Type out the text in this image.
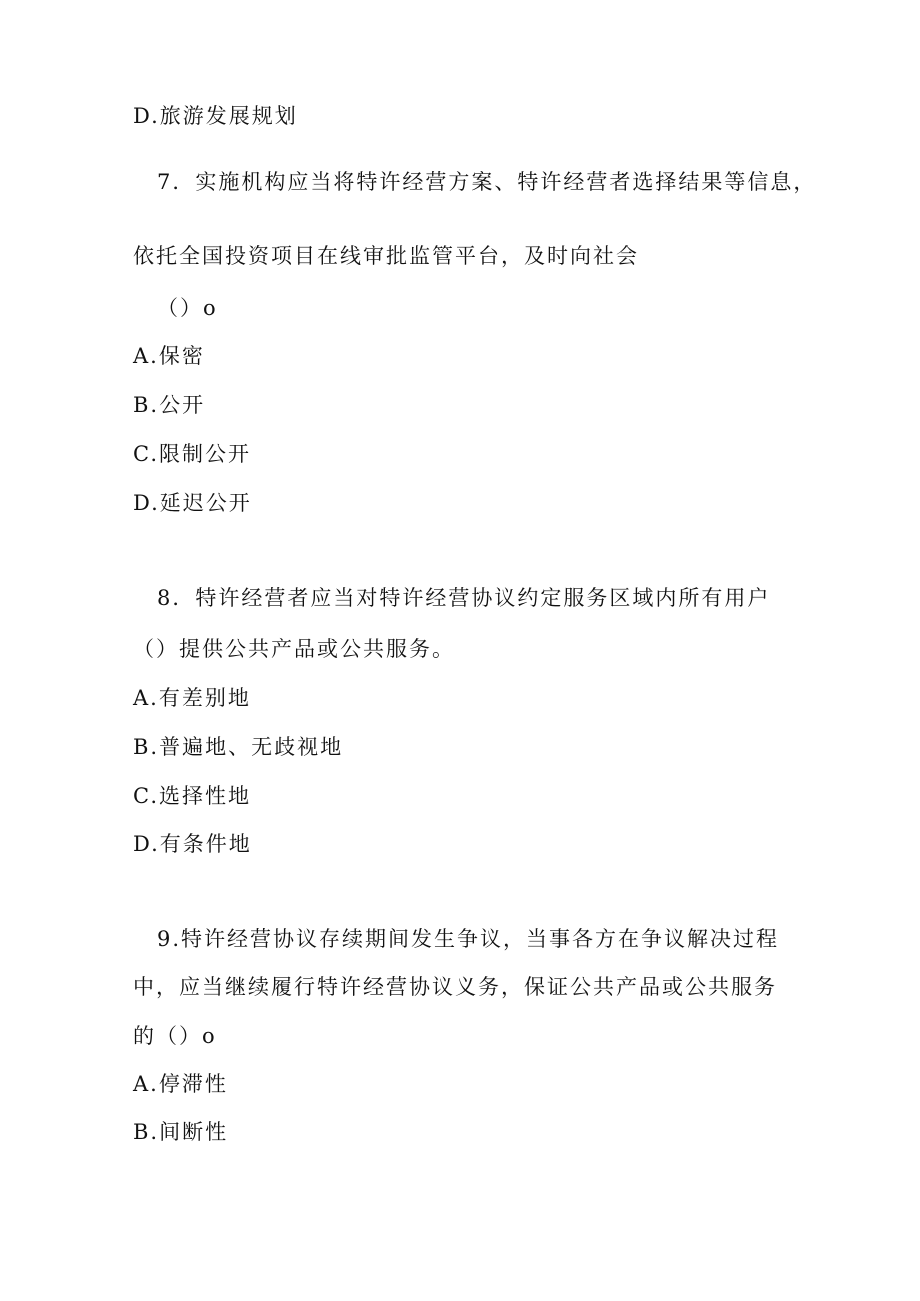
D.旅游发展规划
7．实施机构应当将特许经营方案、特许经营者选择结果等信息，
依托全国投资项目在线审批监管平台，及时向社会
（）o
A.保密
B.公开
C.限制公开
D.延迟公开
8．特许经营者应当对特许经营协议约定服务区域内所有用户
（）提供公共产品或公共服务。
A.有差别地
B.普遍地、无歧视地
C.选择性地
D.有条件地
9.特许经营协议存续期间发生争议，当事各方在争议解决过程
中，应当继续履行特许经营协议义务，保证公共产品或公共服务
的（）o
A.停滞性
B.间断性
